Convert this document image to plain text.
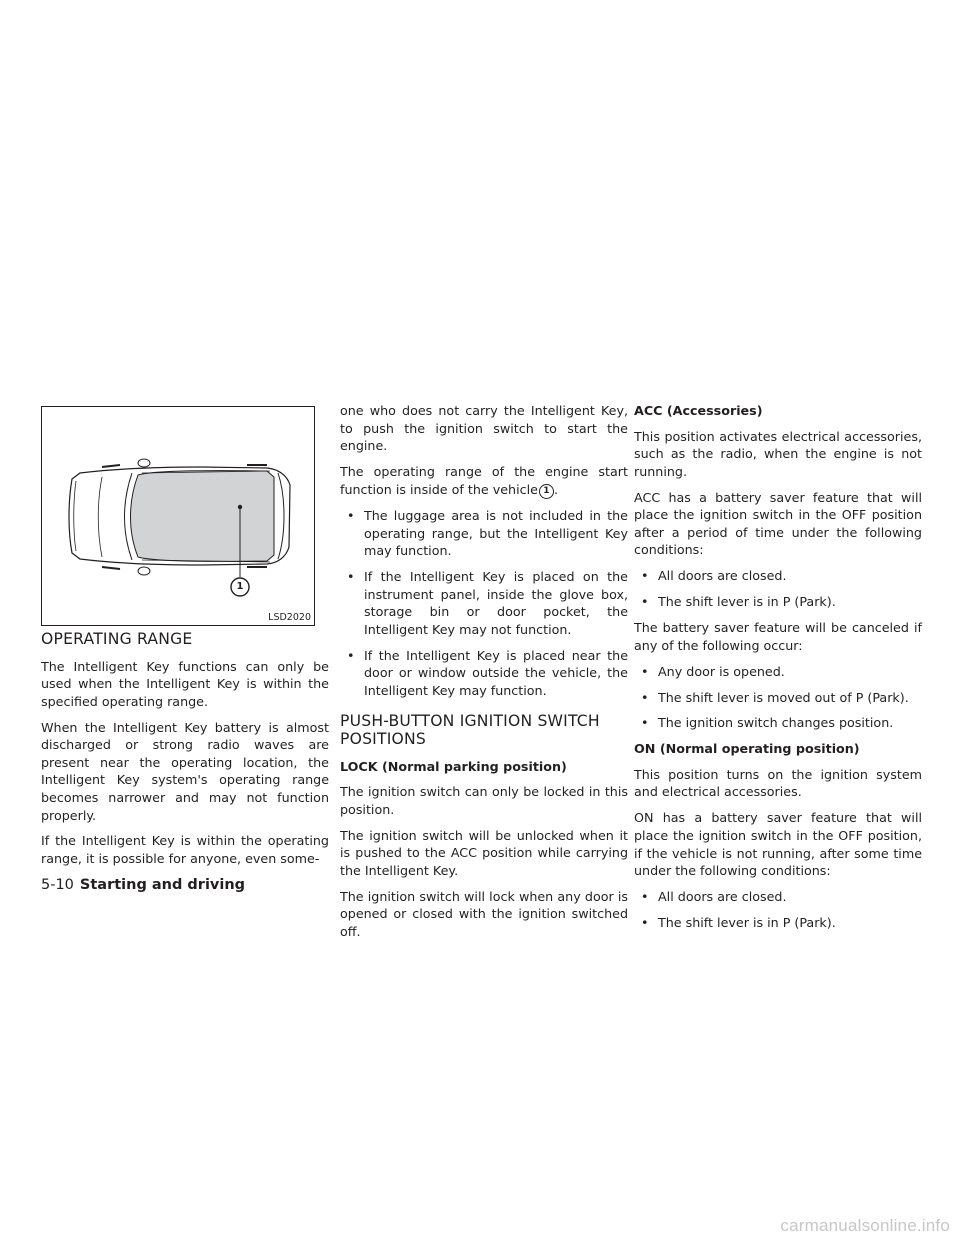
1
LSD2020
OPERATING RANGE

The Intelligent Key functions can only be used when the Intelligent Key is within the specified operating range.

When the Intelligent Key battery is almost discharged or strong radio waves are present near the operating location, the Intelligent Key system's operating range becomes narrower and may not function properly.

If the Intelligent Key is within the operating range, it is possible for anyone, even some-

one who does not carry the Intelligent Key, to push the ignition switch to start the engine.

The operating range of the engine start function is inside of the vehicle 1 .

• The luggage area is not included in the operating range, but the Intelligent Key may function.
• If the Intelligent Key is placed on the instrument panel, inside the glove box, storage bin or door pocket, the Intelligent Key may not function.
• If the Intelligent Key is placed near the door or window outside the vehicle, the Intelligent Key may function.
PUSH-BUTTON IGNITION SWITCH POSITIONS
LOCK (Normal parking position)

The ignition switch can only be locked in this position.

The ignition switch will be unlocked when it is pushed to the ACC position while carrying the Intelligent Key.

The ignition switch will lock when any door is opened or closed with the ignition switched off.

ACC (Accessories)

This position activates electrical accessories, such as the radio, when the engine is not running.

ACC has a battery saver feature that will place the ignition switch in the OFF position after a period of time under the following conditions:

• All doors are closed.
• The shift lever is in P (Park).

The battery saver feature will be canceled if any of the following occur:

• Any door is opened.
• The shift lever is moved out of P (Park).
• The ignition switch changes position.
ON (Normal operating position)

This position turns on the ignition system and electrical accessories.

ON has a battery saver feature that will place the ignition switch in the OFF position, if the vehicle is not running, after some time under the following conditions:

• All doors are closed.
• The shift lever is in P (Park).
5-10 Starting and driving
carmanualsonline.info
